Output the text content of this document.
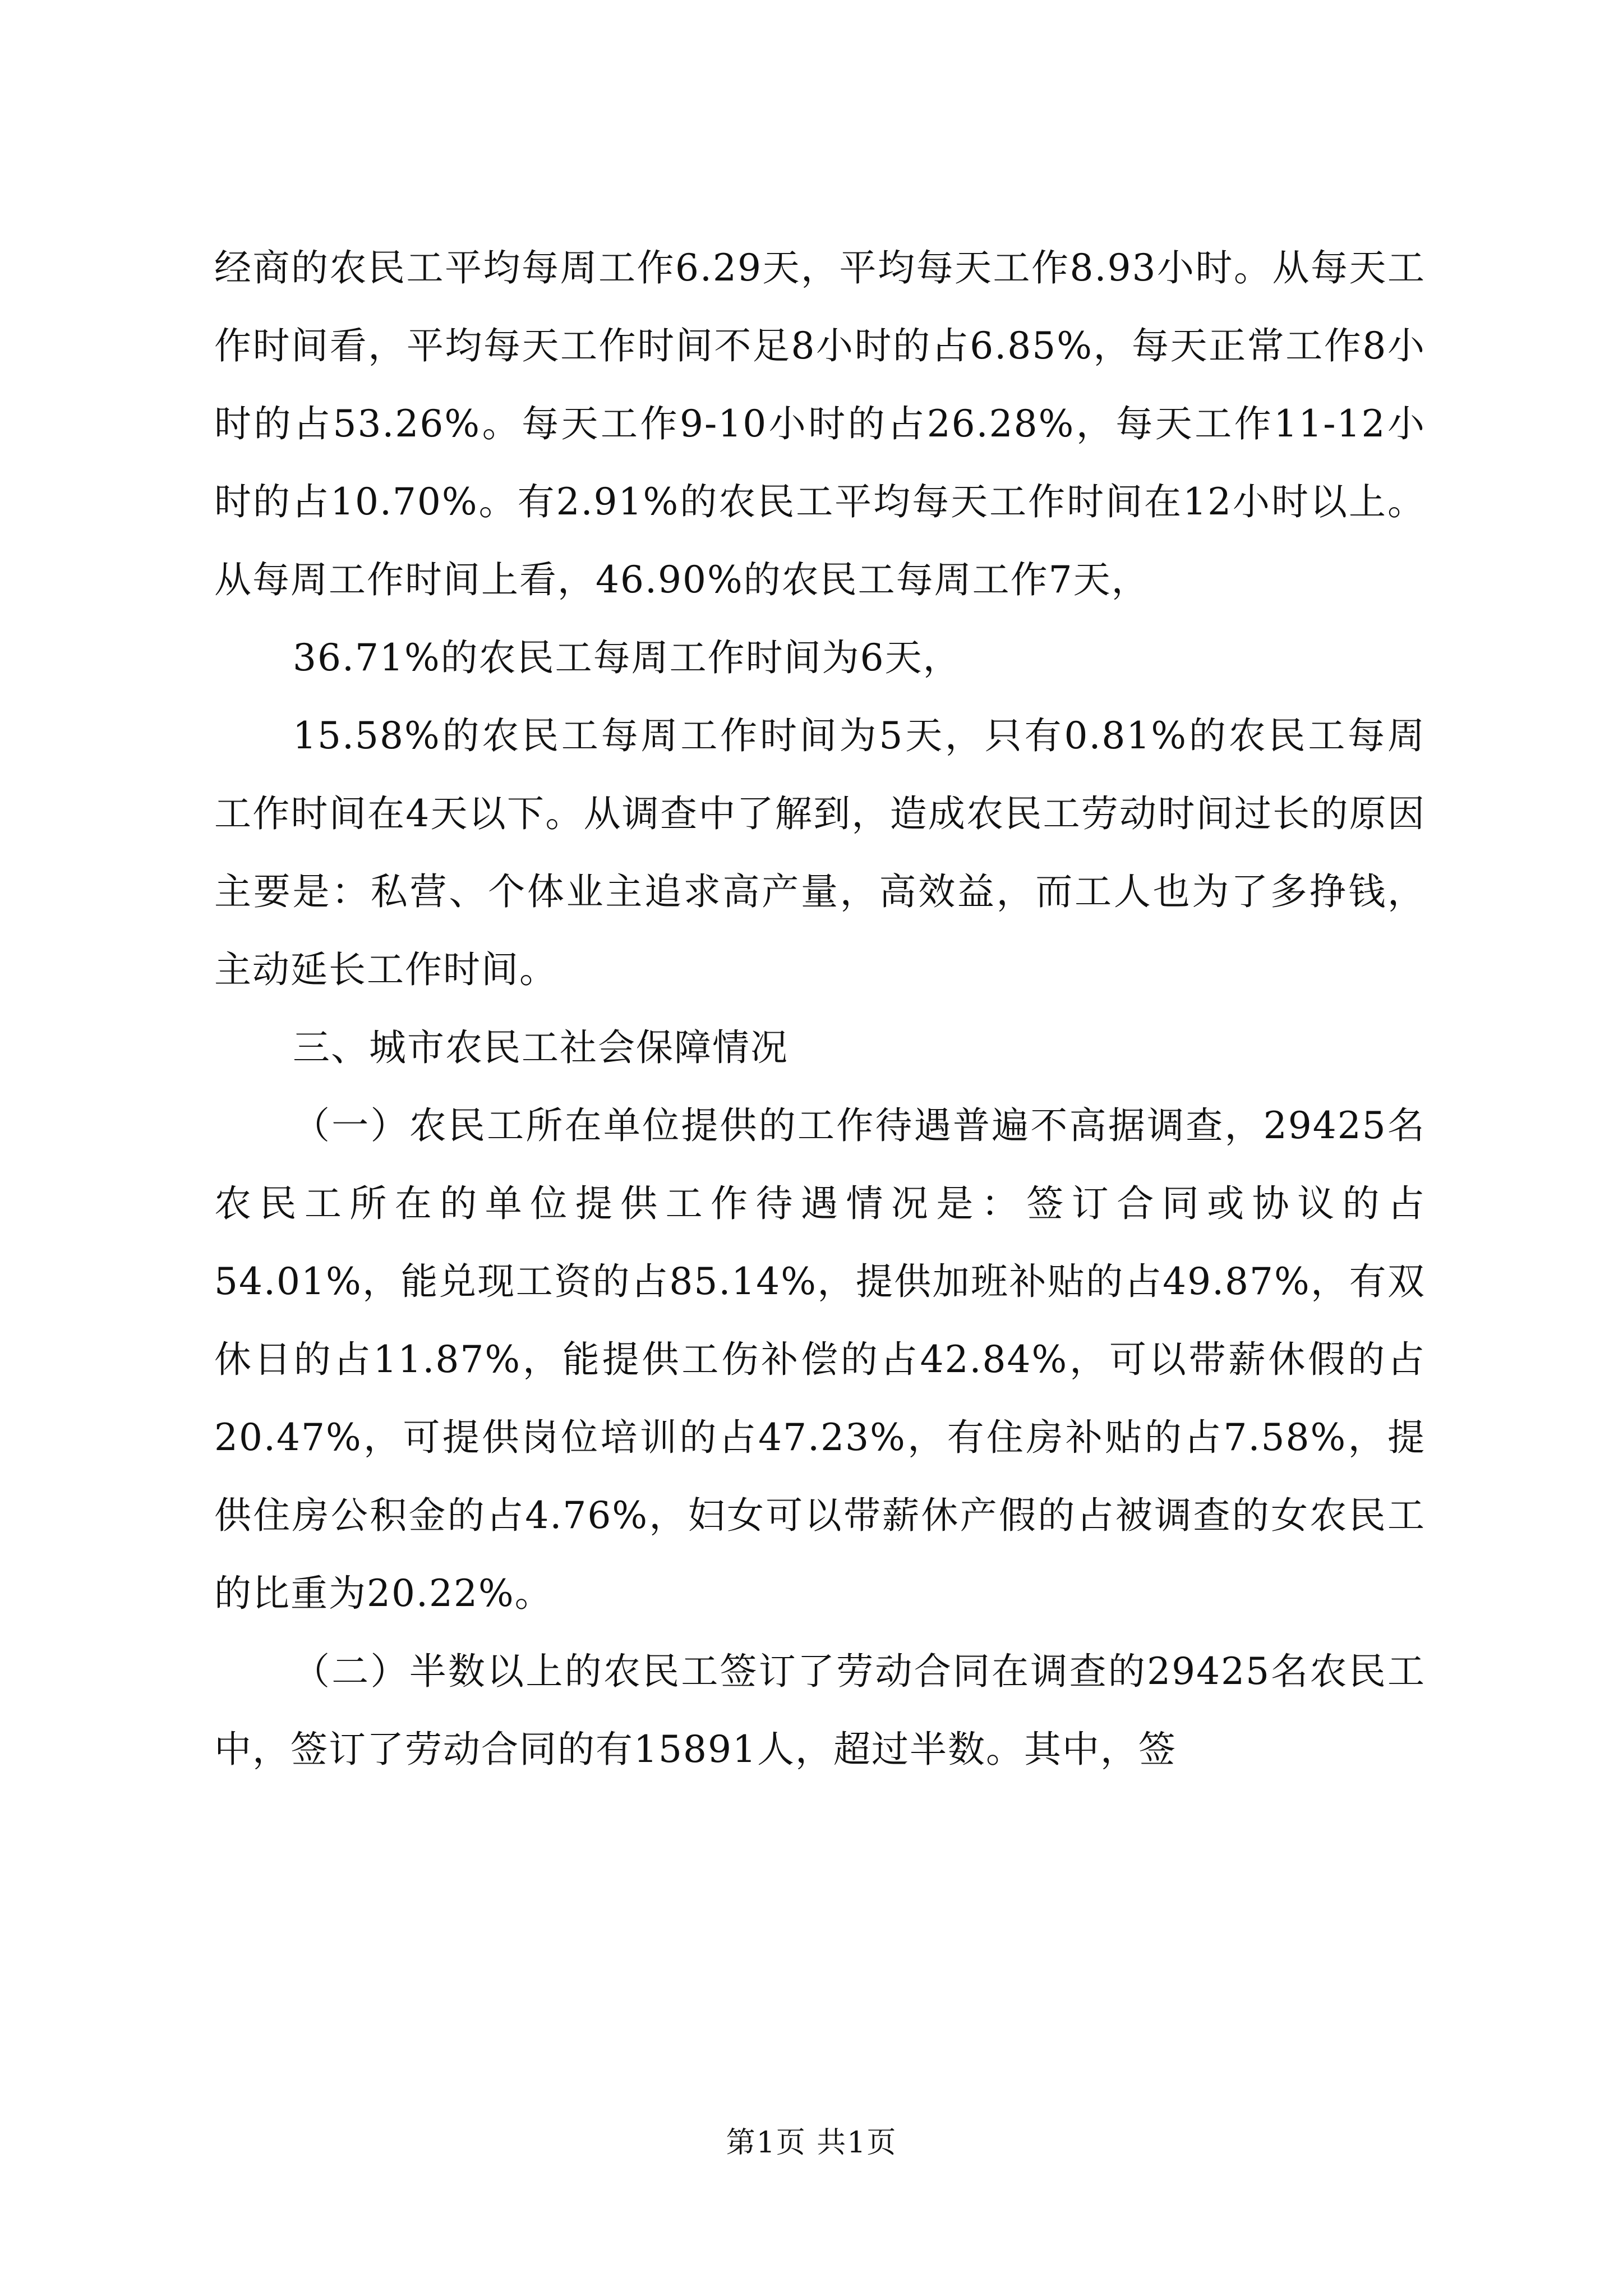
经商的农民工平均每周工作6.29天，平均每天工作8.93小时。从每天工作时间看，平均每天工作时间不足8小时的占6.85%，每天正常工作8小时的占53.26%。每天工作9-10小时的占26.28%，每天工作11-12小时的占10.70%。有2.91%的农民工平均每天工作时间在12小时以上。从每周工作时间上看，46.90%的农民工每周工作7天，

36.71%的农民工每周工作时间为6天，

15.58%的农民工每周工作时间为5天，只有0.81%的农民工每周工作时间在4天以下。从调查中了解到，造成农民工劳动时间过长的原因主要是：私营、个体业主追求高产量，高效益，而工人也为了多挣钱，主动延长工作时间。

三、城市农民工社会保障情况

（一）农民工所在单位提供的工作待遇普遍不高据调查，29425名农民工所在的单位提供工作待遇情况是：签订合同或协议的占54.01%，能兑现工资的占85.14%，提供加班补贴的占49.87%，有双休日的占11.87%，能提供工伤补偿的占42.84%，可以带薪休假的占20.47%，可提供岗位培训的占47.23%，有住房补贴的占7.58%，提供住房公积金的占4.76%，妇女可以带薪休产假的占被调查的女农民工的比重为20.22%。

（二）半数以上的农民工签订了劳动合同在调查的29425名农民工中，签订了劳动合同的有15891人，超过半数。其中，签

第1页 共1页
